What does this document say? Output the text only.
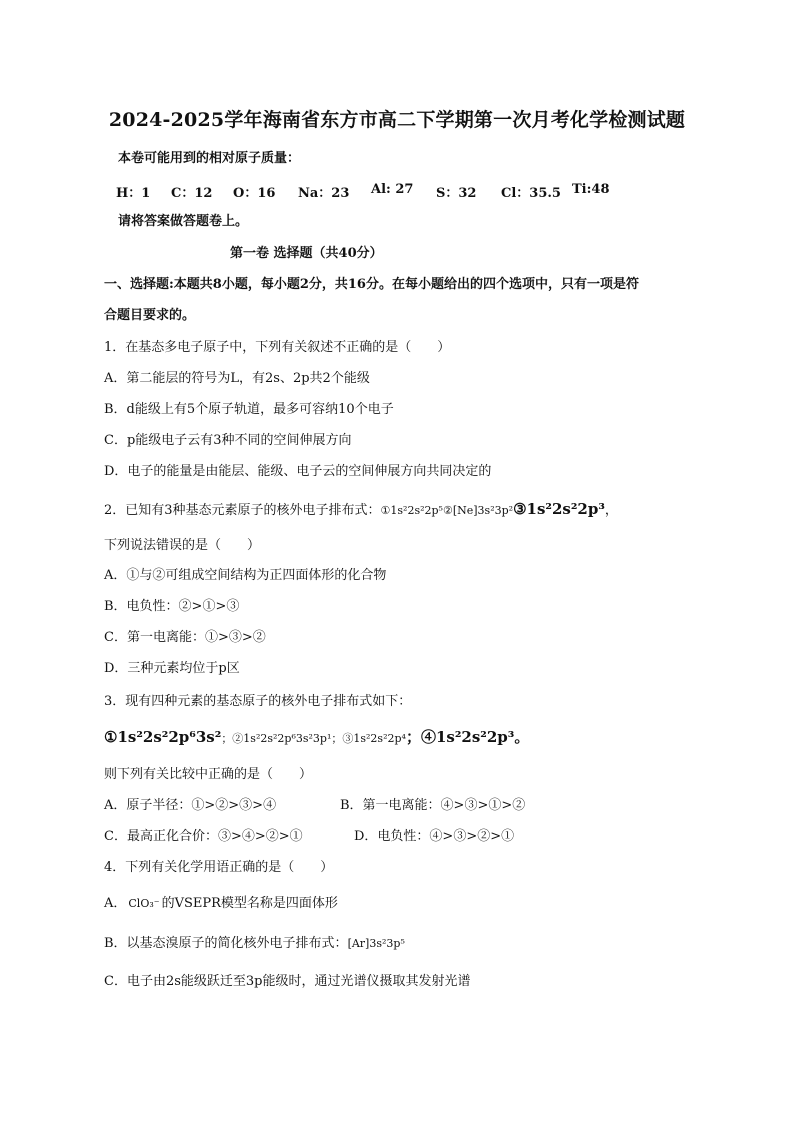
2024-2025学年海南省东方市高二下学期第一次月考化学检测试题
本卷可能用到的相对原子质量：
H：1 C：12 O：16 Na：23 Al: 27 S：32 Cl：35.5 Ti:48
请将答案做答题卷上。
第一卷 选择题（共40分）
一、选择题:本题共8小题，每小题2分，共16分。在每小题给出的四个选项中，只有一项是符
合题目要求的。
1．在基态多电子原子中，下列有关叙述不正确的是（　　）
A．第二能层的符号为L，有2s、2p共2个能级
B．d能级上有5个原子轨道，最多可容纳10个电子
C．p能级电子云有3种不同的空间伸展方向
D．电子的能量是由能层、能级、电子云的空间伸展方向共同决定的
2．已知有3种基态元素原子的核外电子排布式：①1s²2s²2p⁵②[Ne]3s²3p²③1s²2s²2p³，
下列说法错误的是（　　）
A．①与②可组成空间结构为正四面体形的化合物
B．电负性：②>①>③
C．第一电离能：①>③>②
D．三种元素均位于p区
3．现有四种元素的基态原子的核外电子排布式如下：
①1s²2s²2p⁶3s²；②1s²2s²2p⁶3s²3p¹；③1s²2s²2p⁴；④1s²2s²2p³。
则下列有关比较中正确的是（　　）
A．原子半径：①>②>③>④	B．第一电离能：④>③>①>②
C．最高正化合价：③>④>②>①	D．电负性：④>③>②>①
4．下列有关化学用语正确的是（　　）
A． ClO₃⁻ 的VSEPR模型名称是四面体形
B．以基态溴原子的简化核外电子排布式：[Ar]3s²3p⁵
C．电子由2s能级跃迁至3p能级时，通过光谱仪摄取其发射光谱
